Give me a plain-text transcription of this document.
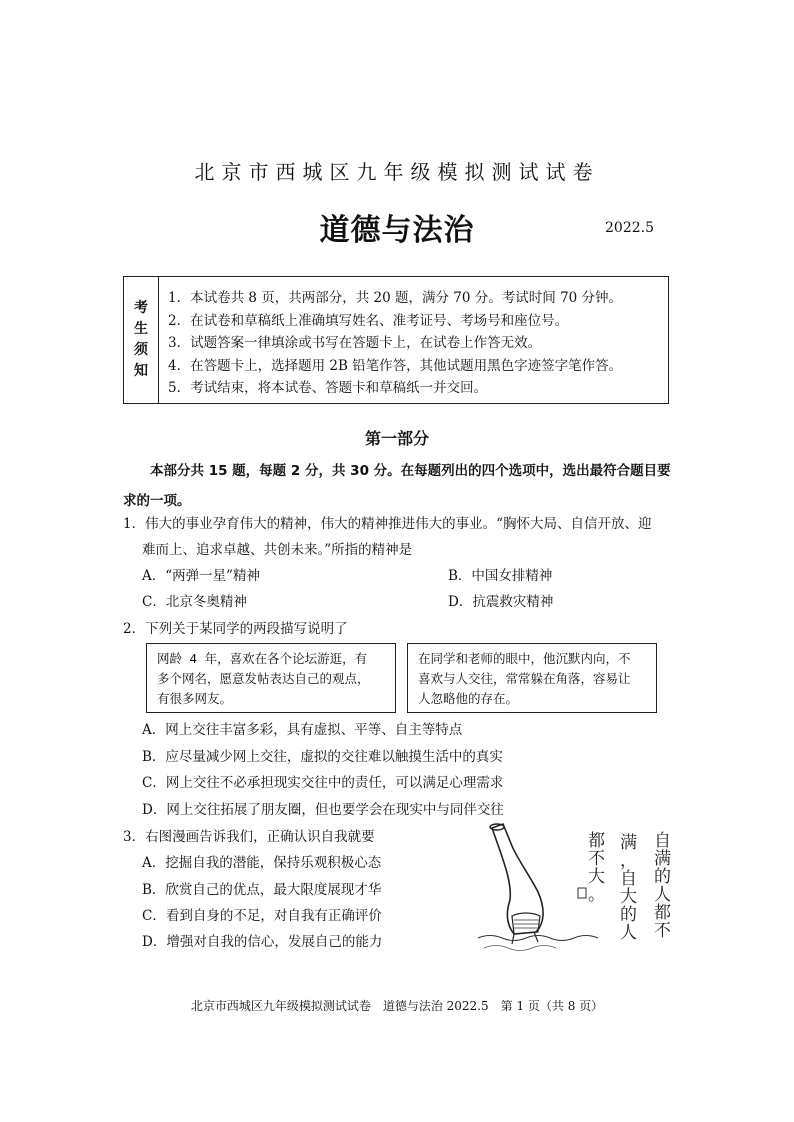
北京市西城区九年级模拟测试试卷
道德与法治	2022.5
考
生
须
知
1．本试卷共 8 页，共两部分，共 20 题，满分 70 分。考试时间 70 分钟。
2．在试卷和草稿纸上准确填写姓名、准考证号、考场号和座位号。
3．试题答案一律填涂或书写在答题卡上，在试卷上作答无效。
4．在答题卡上，选择题用 2B 铅笔作答，其他试题用黑色字迹签字笔作答。
5．考试结束，将本试卷、答题卡和草稿纸一并交回。
第一部分
本部分共 15 题，每题 2 分，共 30 分。在每题列出的四个选项中，选出最符合题目要求的一项。
1．伟大的事业孕育伟大的精神，伟大的精神推进伟大的事业。“胸怀大局、自信开放、迎
难而上、追求卓越、共创未来。”所指的精神是
A．“两弹一星”精神	B．中国女排精神
C．北京冬奥精神	D．抗震救灾精神
2．下列关于某同学的两段描写说明了
网龄 4 年，喜欢在各个论坛游逛，有
多个网名，愿意发帖表达自己的观点，
有很多网友。
在同学和老师的眼中，他沉默内向，不
喜欢与人交往，常常躲在角落，容易让
人忽略他的存在。
A．网上交往丰富多彩，具有虚拟、平等、自主等特点
B．应尽量减少网上交往，虚拟的交往难以触摸生活中的真实
C．网上交往不必承担现实交往中的责任，可以满足心理需求
D．网上交往拓展了朋友圈，但也要学会在现实中与同伴交往
3．右图漫画告诉我们，正确认识自我就要
A．挖掘自我的潜能，保持乐观积极心态
B．欣赏自己的优点，最大限度展现才华
C．看到自身的不足，对自我有正确评价
D．增强对自我的信心，发展自己的能力
自满的人都不
满，自大的人
都不大。
北京市西城区九年级模拟测试试卷　道德与法治 2022.5　第 1 页（共 8 页）
